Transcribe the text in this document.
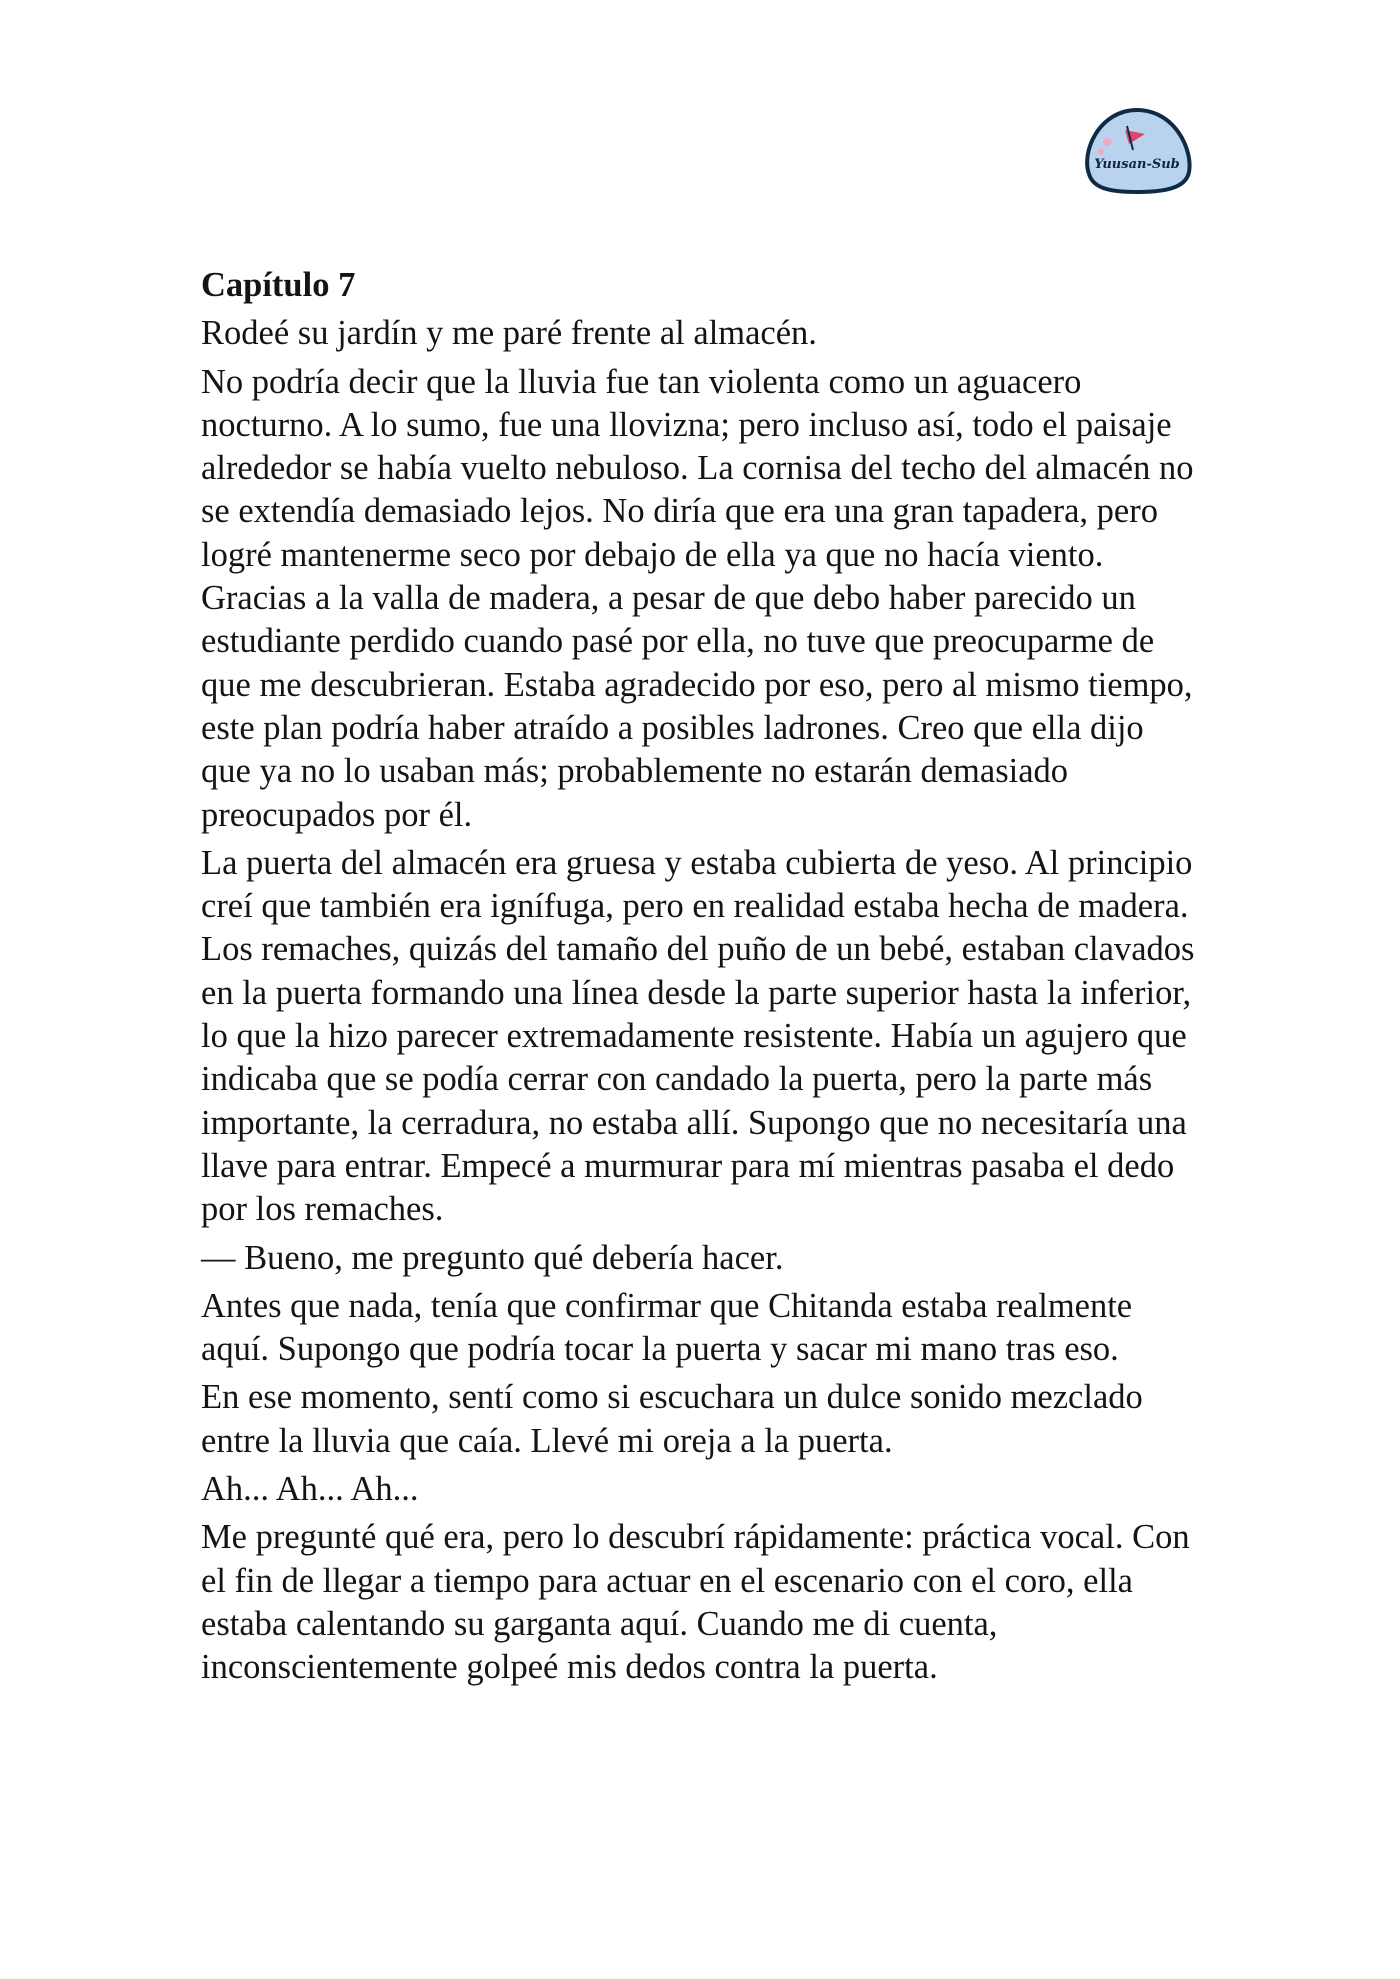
Yuusan-Sub
Capítulo 7

Rodeé su jardín y me paré frente al almacén.

No podría decir que la lluvia fue tan violenta como un aguacero nocturno. A lo sumo, fue una llovizna; pero incluso así, todo el paisaje alrededor se había vuelto nebuloso. La cornisa del techo del almacén no se extendía demasiado lejos. No diría que era una gran tapadera, pero logré mantenerme seco por debajo de ella ya que no hacía viento. Gracias a la valla de madera, a pesar de que debo haber parecido un estudiante perdido cuando pasé por ella, no tuve que preocuparme de que me descubrieran. Estaba agradecido por eso, pero al mismo tiempo, este plan podría haber atraído a posibles ladrones. Creo que ella dijo que ya no lo usaban más; probablemente no estarán demasiado preocupados por él.

La puerta del almacén era gruesa y estaba cubierta de yeso. Al principio creí que también era ignífuga, pero en realidad estaba hecha de madera. Los remaches, quizás del tamaño del puño de un bebé, estaban clavados en la puerta formando una línea desde la parte superior hasta la inferior, lo que la hizo parecer extremadamente resistente. Había un agujero que indicaba que se podía cerrar con candado la puerta, pero la parte más importante, la cerradura, no estaba allí. Supongo que no necesitaría una llave para entrar. Empecé a murmurar para mí mientras pasaba el dedo por los remaches.

— Bueno, me pregunto qué debería hacer.

Antes que nada, tenía que confirmar que Chitanda estaba realmente aquí. Supongo que podría tocar la puerta y sacar mi mano tras eso.

En ese momento, sentí como si escuchara un dulce sonido mezclado entre la lluvia que caía. Llevé mi oreja a la puerta.

Ah... Ah... Ah...

Me pregunté qué era, pero lo descubrí rápidamente: práctica vocal. Con el fin de llegar a tiempo para actuar en el escenario con el coro, ella estaba calentando su garganta aquí. Cuando me di cuenta, inconscientemente golpeé mis dedos contra la puerta.
